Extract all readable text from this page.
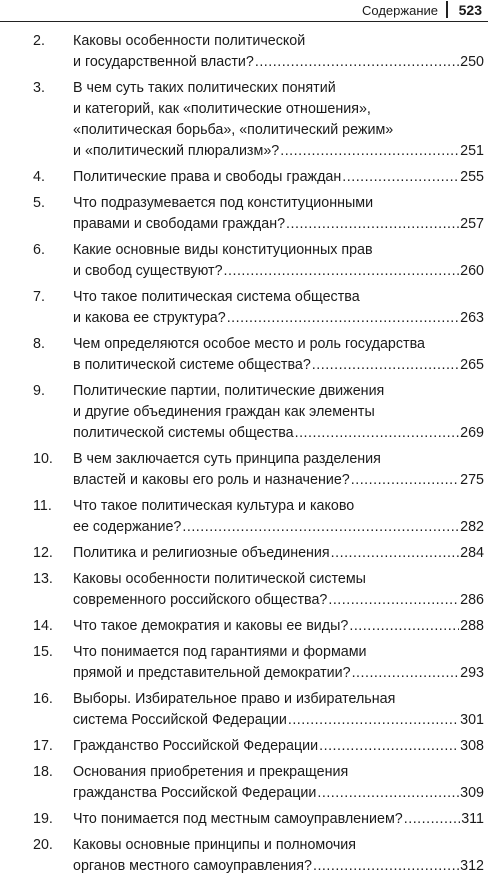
Содержание 523
2. Каковы особенности политической
и государственной власти? .....	250
3. В чем суть таких политических понятий
и категорий, как «политические отношения»,
«политическая борьба», «политический режим»
и «политический плюрализм»? .....	251
4. Политические права и свободы граждан .....	255
5. Что подразумевается под конституционными
правами и свободами граждан? .....	257
6. Какие основные виды конституционных прав
и свобод существуют? .....	260
7. Что такое политическая система общества
и какова ее структура? .....	263
8. Чем определяются особое место и роль государства
в политической системе общества? .....	265
9. Политические партии, политические движения
и другие объединения граждан как элементы
политической системы общества .....	269
10. В чем заключается суть принципа разделения
властей и каковы его роль и назначение? .....	275
11. Что такое политическая культура и каково
ее содержание? .....	282
12. Политика и религиозные объединения .....	284
13. Каковы особенности политической системы
современного российского общества? .....	286
14. Что такое демократия и каковы ее виды? .....	288
15. Что понимается под гарантиями и формами
прямой и представительной демократии? .....	293
16. Выборы. Избирательное право и избирательная
система Российской Федерации .....	301
17. Гражданство Российской Федерации .....	308
18. Основания приобретения и прекращения
гражданства Российской Федерации .....	309
19. Что понимается под местным самоуправлением? .....	311
20. Каковы основные принципы и полномочия
органов местного самоуправления? .....	312
